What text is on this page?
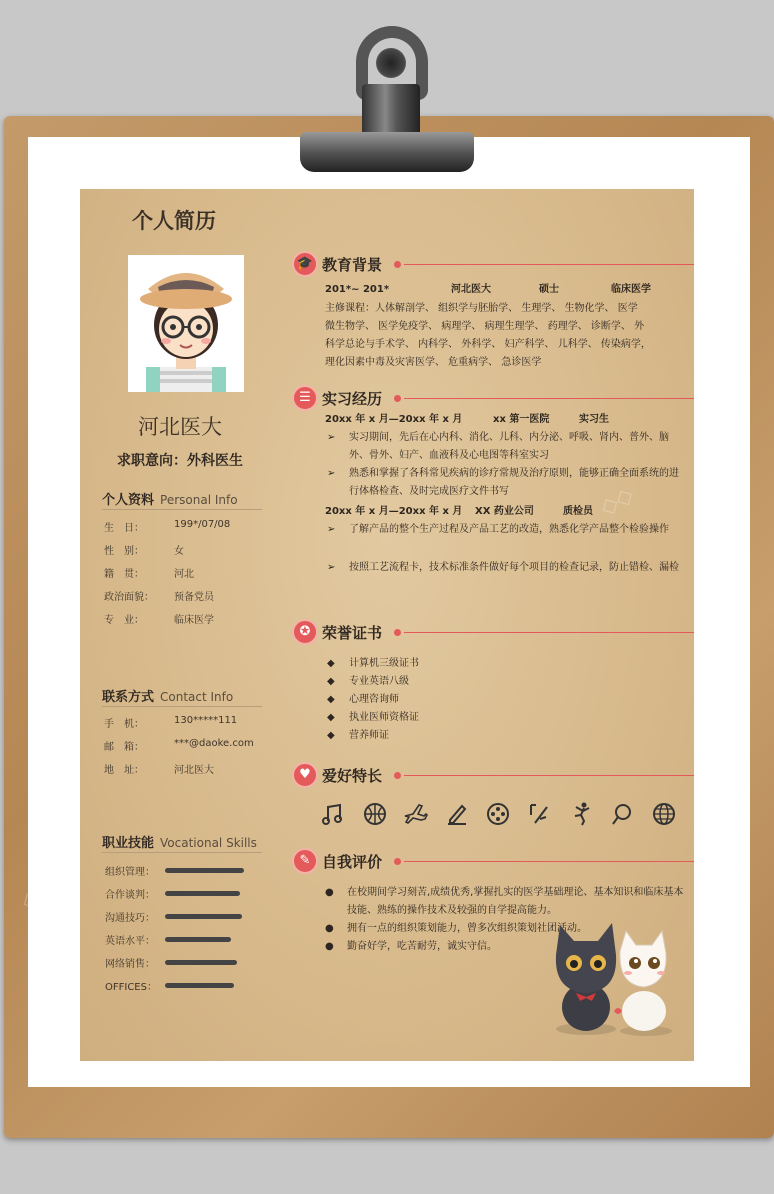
◇◇◇
◇◇
个人简历
河北医大
求职意向：外科医生
个人资料 Personal Info
生　日：	199*/07/08
性　别：	女
籍　贯：	河北
政治面貌：	预备党员
专　业：	临床医学
联系方式 Contact Info
手　机：	130*****111
邮　箱：	***@daoke.com
地　址：	河北医大
职业技能 Vocational Skills
组织管理：
合作谈判：
沟通技巧：
英语水平：
网络销售：
OFFICES：
🎓 教育背景
201*~ 201*	河北医大	硕士	临床医学
主修课程：人体解剖学、 组织学与胚胎学、 生理学、 生物化学、 医学
微生物学、 医学免疫学、 病理学、 病理生理学、 药理学、 诊断学、 外
科学总论与手术学、 内科学、 外科学、 妇产科学、 儿科学、 传染病学，
理化因素中毒及灾害医学、 危重病学、 急诊医学
☰ 实习经历
20xx 年 x 月—20xx 年 x 月	xx 第一医院	实习生
➢	实习期间，先后在心内科、消化、儿科、内分泌、呼吸、肾内、普外、脑外、骨外、妇产、血液科及心电图等科室实习
➢	熟悉和掌握了各科常见疾病的诊疗常规及治疗原则，能够正确全面系统的进行体格检查、及时完成医疗文件书写
20xx 年 x 月—20xx 年 x 月 XX 药业公司	质检员
➢	了解产品的整个生产过程及产品工艺的改造，熟悉化学产品整个检验操作
➢	按照工艺流程卡，技术标准条件做好每个项目的检查记录，防止错检、漏检
✪ 荣誉证书
◆	计算机三级证书
◆	专业英语八级
◆	心理咨询师
◆	执业医师资格证
◆	营养师证
♥ 爱好特长
✎ 自我评价
●	在校期间学习刻苦,成绩优秀,掌握扎实的医学基础理论、基本知识和临床基本技能、熟练的操作技术及较强的自学提高能力。
●	拥有一点的组织策划能力，曾多次组织策划社团活动。
●	勤奋好学，吃苦耐劳，诚实守信。
